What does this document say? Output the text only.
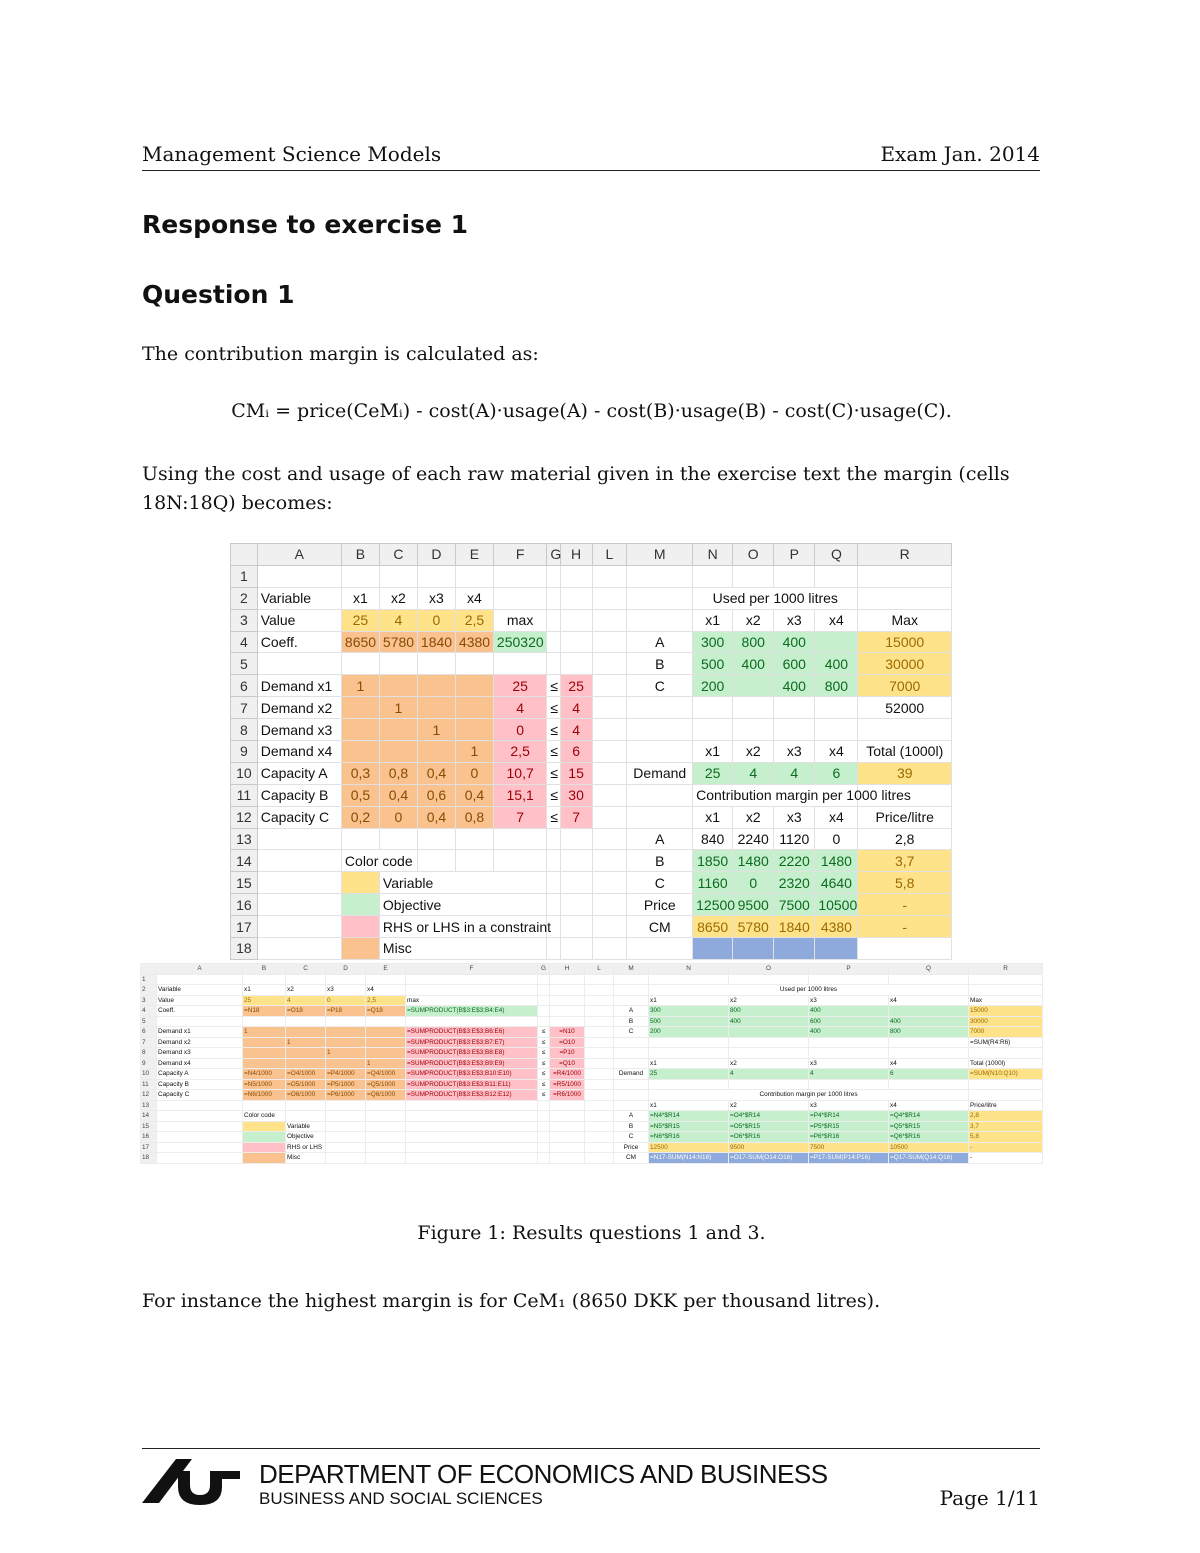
Management Science Models	Exam Jan. 2014
Response to exercise 1
Question 1
The contribution margin is calculated as:
CMᵢ = price(CeMᵢ) - cost(A)·usage(A) - cost(B)·usage(B) - cost(C)·usage(C).
Using the cost and usage of each raw material given in the exercise text the margin (cells 18N:18Q) becomes:
	A	B	C	D	E	F	G	H	L	M	N	O	P	Q	R
1															
2	Variable	x1	x2	x3	x4						Used per 1000 litres				
3	Value	25	4	0	2,5	max					x1	x2	x3	x4	Max
4	Coeff.	8650	5780	1840	4380	250320				A	300	800	400		15000
5										B	500	400	600	400	30000
6	Demand x1	1				25	≤	25		C	200		400	800	7000
7	Demand x2		1			4	≤	4							52000
8	Demand x3			1		0	≤	4							
9	Demand x4				1	2,5	≤	6			x1	x2	x3	x4	Total (1000l)
10	Capacity A	0,3	0,8	0,4	0	10,7	≤	15		Demand	25	4	4	6	39
11	Capacity B	0,5	0,4	0,6	0,4	15,1	≤	30			Contribution margin per 1000 litres				
12	Capacity C	0,2	0	0,4	0,8	7	≤	7			x1	x2	x3	x4	Price/litre
13										A	840	2240	1120	0	2,8
14		Color code								B	1850	1480	2220	1480	3,7
15			Variable							C	1160	0	2320	4640	5,8
16			Objective							Price	12500	9500	7500	10500	-
17			RHS or LHS in a constraint							CM	8650	5780	1840	4380	-
18			Misc												
	A	B	C	D	E	F	G	H	L	M	N	O	P	Q	R
1															
2	Variable	x1	x2	x3	x4						Used per 1000 litres				
3	Value	25	4	0	2,5	max					x1	x2	x3	x4	Max
4	Coeff.	=N18	=O18	=P18	=Q18	=SUMPRODUCT(B$3:E$3;B4:E4)				A	300	800	400		15000
5										B	500	400	600	400	30000
6	Demand x1	1				=SUMPRODUCT(B$3:E$3;B6:E6)	≤	=N10		C	200		400	800	7000
7	Demand x2		1			=SUMPRODUCT(B$3:E$3;B7:E7)	≤	=O10							=SUM(R4:R6)
8	Demand x3			1		=SUMPRODUCT(B$3:E$3;B8:E8)	≤	=P10							
9	Demand x4				1	=SUMPRODUCT(B$3:E$3;B9:E9)	≤	=Q10			x1	x2	x3	x4	Total (1000l)
10	Capacity A	=N4/1000	=O4/1000	=P4/1000	=Q4/1000	=SUMPRODUCT(B$3:E$3;B10:E10)	≤	=R4/1000		Demand	25	4	4	6	=SUM(N10:Q10)
11	Capacity B	=N5/1000	=O5/1000	=P5/1000	=Q5/1000	=SUMPRODUCT(B$3:E$3;B11:E11)	≤	=R5/1000							
12	Capacity C	=N6/1000	=O6/1000	=P6/1000	=Q6/1000	=SUMPRODUCT(B$3:E$3;B12:E12)	≤	=R6/1000			Contribution margin per 1000 litres				
13											x1	x2	x3	x4	Price/litre
14		Color code								A	=N4*$R14	=O4*$R14	=P4*$R14	=Q4*$R14	2,8
15			Variable							B	=N5*$R15	=O5*$R15	=P5*$R15	=Q5*$R15	3,7
16			Objective							C	=N6*$R16	=O6*$R16	=P6*$R16	=Q6*$R16	5,8
17			RHS or LHS							Price	12500	9500	7500	10500	-
18			Misc							CM	=N17-SUM(N14:N16)	=O17-SUM(O14:O16)	=P17-SUM(P14:P16)	=Q17-SUM(Q14:Q16)	-
Figure 1: Results questions 1 and 3.
For instance the highest margin is for CeM₁ (8650 DKK per thousand litres).
DEPARTMENT OF ECONOMICS AND BUSINESS
BUSINESS AND SOCIAL SCIENCES	Page 1/11
